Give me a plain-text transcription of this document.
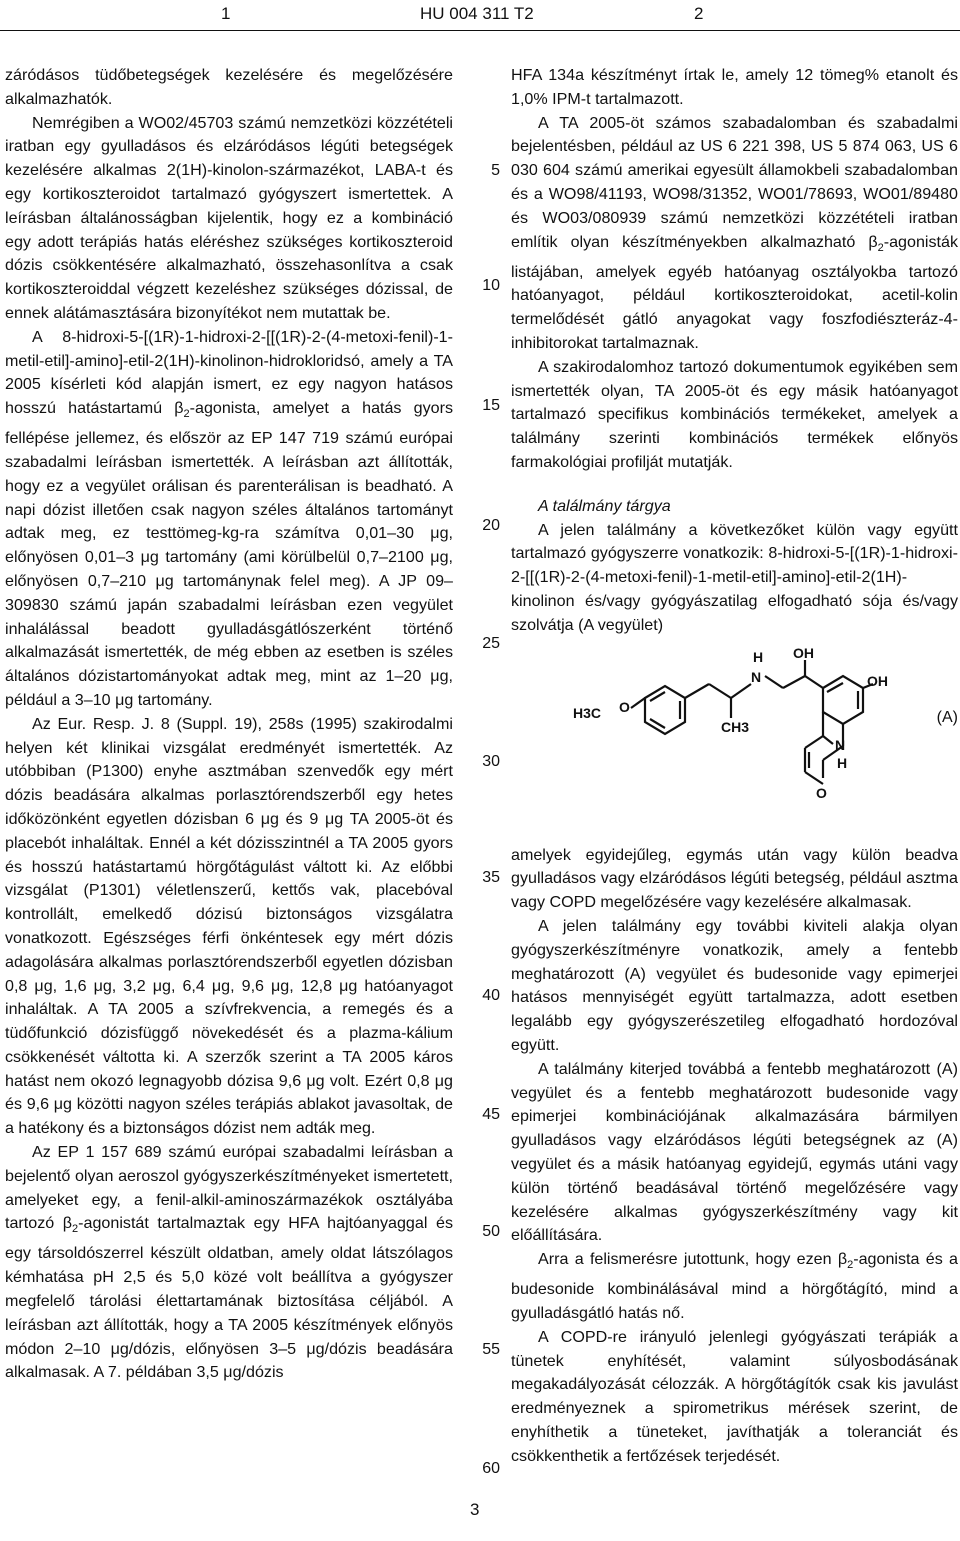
1	HU 004 311 T2	2

záródásos tüdőbetegségek kezelésére és megelőzésére alkalmazhatók.

Nemrégiben a WO02/45703 számú nemzetközi közzétételi iratban egy gyulladásos és elzáródásos légúti betegségek kezelésére alkalmas 2(1H)-kinolon-származékot, LABA-t és egy kortikoszteroidot tartalmazó gyógyszert ismertettek. A leírásban általánosságban kijelentik, hogy ez a kombináció egy adott terápiás hatás eléréshez szükséges kortikoszteroid dózis csökkentésére alkalmazható, összehasonlítva a csak kortikoszteroiddal végzett kezeléshez szükséges dózissal, de ennek alátámasztására bizonyítékot nem mutattak be.

A 8-hidroxi-5-[(1R)-1-hidroxi-2-[[(1R)-2-(4-metoxi-fenil)-1-metil-etil]-amino]-etil-2(1H)-kinolinon-hidrokloridsó, amely a TA 2005 kísérleti kód alapján ismert, ez egy nagyon hatásos hosszú hatástartamú $\beta_2$-agonista, amelyet a hatás gyors fellépése jellemez, és először az EP 147 719 számú európai szabadalmi leírásban ismertették. A leírásban azt állították, hogy ez a vegyület orálisan és parenterálisan is beadható. A napi dózist illetően csak nagyon széles általános tartományt adtak meg, ez testtömeg-kg-ra számítva 0,01–30 μg, előnyösen 0,01–3 μg tartomány (ami körülbelül 0,7–2100 μg, előnyösen 0,7–210 μg tartománynak felel meg). A JP 09–309830 számú japán szabadalmi leírásban ezen vegyület inhalálással beadott gyulladásgátlószerként történő alkalmazását ismertették, de még ebben az esetben is széles általános dózistartományokat adtak meg, mint az 1–20 μg, például a 3–10 μg tartomány.

Az Eur. Resp. J. 8 (Suppl. 19), 258s (1995) szakirodalmi helyen két klinikai vizsgálat eredményét ismertették. Az utóbbiban (P1300) enyhe asztmában szenvedők egy mért dózis beadására alkalmas porlasztórendszerből egy hetes időközönként egyetlen dózisban 6 μg és 9 μg TA 2005-öt és placebót inhaláltak. Ennél a két dózisszintnél a TA 2005 gyors és hosszú hatástartamú hörgőtágulást váltott ki. Az előbbi vizsgálat (P1301) véletlenszerű, kettős vak, placebóval kontrollált, emelkedő dózisú biztonságos vizsgálatra vonatkozott. Egészséges férfi önkéntesek egy mért dózis adagolására alkalmas porlasztórendszerből egyetlen dózisban 0,8 μg, 1,6 μg, 3,2 μg, 6,4 μg, 9,6 μg, 12,8 μg hatóanyagot inhaláltak. A TA 2005 a szívfrekvencia, a remegés és a tüdőfunkció dózisfüggő növekedését és a plazma-kálium csökkenését váltotta ki. A szerzők szerint a TA 2005 káros hatást nem okozó legnagyobb dózisa 9,6 μg volt. Ezért 0,8 μg és 9,6 μg közötti nagyon széles terápiás ablakot javasoltak, de a hatékony és a biztonságos dózist nem adták meg.

Az EP 1 157 689 számú európai szabadalmi leírásban a bejelentő olyan aeroszol gyógyszerkészítményeket ismertetett, amelyeket egy, a fenil-alkil-aminoszármazékok osztályába tartozó $\beta_2$-agonistát tartalmaztak egy HFA hajtóanyaggal és egy társoldószerrel készült oldatban, amely oldat látszólagos kémhatása pH 2,5 és 5,0 közé volt beállítva a gyógyszer megfelelő tárolási élettartamának biztosítása céljából. A leírásban azt állították, hogy a TA 2005 készítmények előnyös módon 2–10 μg/dózis, előnyösen 3–5 μg/dózis beadására alkalmasak. A 7. példában 3,5 μg/dózis

HFA 134a készítményt írtak le, amely 12 tömeg% etanolt és 1,0% IPM-t tartalmazott.

A TA 2005-öt számos szabadalomban és szabadalmi bejelentésben, például az US 6 221 398, US 5 874 063, US 6 030 604 számú amerikai egyesült államokbeli szabadalomban és a WO98/41193, WO98/31352, WO01/78693, WO01/89480 és WO03/080939 számú nemzetközi közzétételi iratban említik olyan készítményekben alkalmazható $\beta_2$-agonisták listájában, amelyek egyéb hatóanyag osztályokba tartozó hatóanyagot, például kortikoszteroidokat, acetil-kolin termelődését gátló anyagokat vagy foszfodiészteráz-4-inhibitorokat tartalmaznak.

A szakirodalomhoz tartozó dokumentumok egyikében sem ismertették olyan, TA 2005-öt és egy másik hatóanyagot tartalmazó specifikus kombinációs termékeket, amelyek a találmány szerinti kombinációs termékek előnyös farmakológiai profilját mutatják.

A találmány tárgya

A jelen találmány a következőket külön vagy együtt tartalmazó gyógyszerre vonatkozik: 8-hidroxi-5-[(1R)-1-hidroxi-2-[[(1R)-2-(4-metoxi-fenil)-1-metil-etil]-amino]-etil-2(1H)-kinolinon és/vagy gyógyászatilag elfogadható sója és/vagy szolvátja (A vegyület)

H3C O
CH3
N
H OH
OH
N
H
O
(A)

amelyek egyidejűleg, egymás után vagy külön beadva gyulladásos vagy elzáródásos légúti betegség, például asztma vagy COPD megelőzésére vagy kezelésére alkalmasak.

A jelen találmány egy további kiviteli alakja olyan gyógyszerkészítményre vonatkozik, amely a fentebb meghatározott (A) vegyület és budesonide vagy epimerjei hatásos mennyiségét együtt tartalmazza, adott esetben legalább egy gyógyszerészetileg elfogadható hordozóval együtt.

A találmány kiterjed továbbá a fentebb meghatározott (A) vegyület és a fentebb meghatározott budesonide vagy epimerjei kombinációjának alkalmazására bármilyen gyulladásos vagy elzáródásos légúti betegségnek az (A) vegyület és a másik hatóanyag egyidejű, egymás utáni vagy külön történő beadásával történő megelőzésére vagy kezelésére alkalmas gyógyszerkészítmény vagy kit előállítására.

Arra a felismerésre jutottunk, hogy ezen $\beta_2$-agonista és a budesonide kombinálásával mind a hörgőtágító, mind a gyulladásgátló hatás nő.

A COPD-re irányuló jelenlegi gyógyászati terápiák a tünetek enyhítését, valamint súlyosbodásának megakadályozását célozzák. A hörgőtágítók csak kis javulást eredményeznek a spirometrikus mérések szerint, de enyhíthetik a tüneteket, javíthatják a toleranciát és csökkenthetik a fertőzések terjedését.

5
10
15
20
25
30
35
40
45
50
55
60
3
